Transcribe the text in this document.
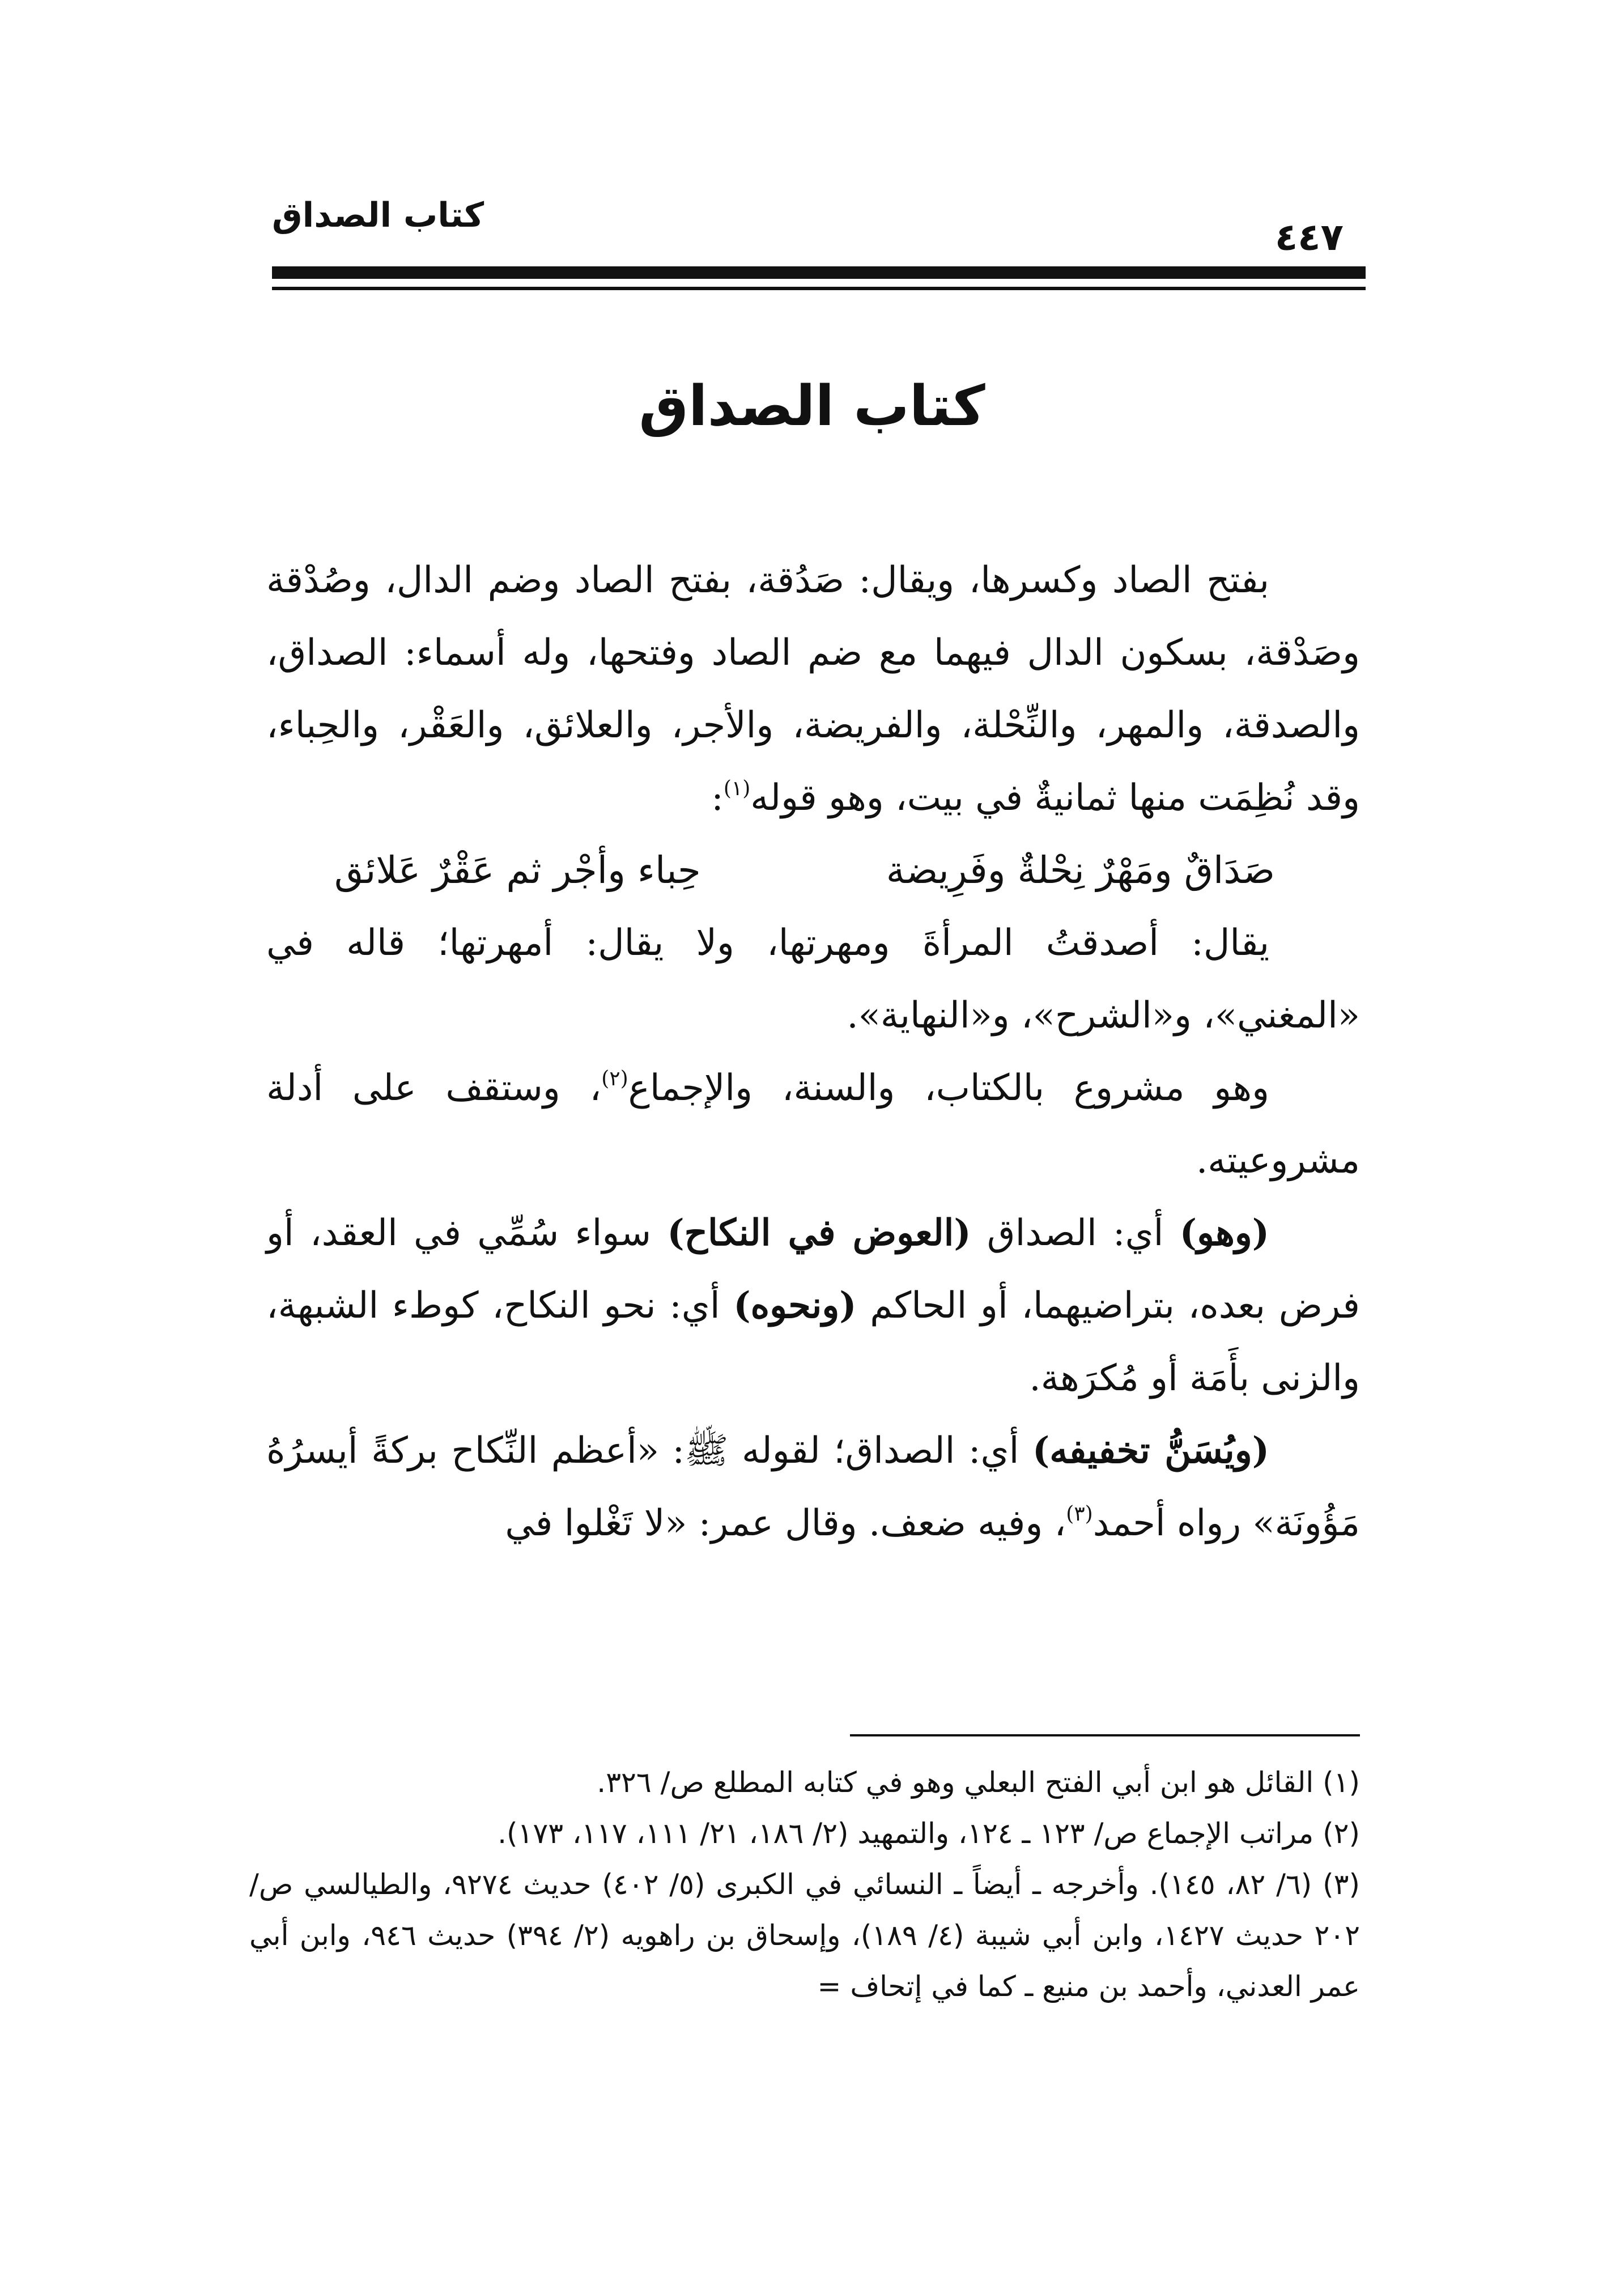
كتاب الصداق	٤٤٧
كتاب الصداق

بفتح الصاد وكسرها، ويقال: صَدُقة، بفتح الصاد وضم الدال، وصُدْقة وصَدْقة، بسكون الدال فيهما مع ضم الصاد وفتحها، وله أسماء: الصداق، والصدقة، والمهر، والنِّحْلة، والفريضة، والأجر، والعلائق، والعَقْر، والحِباء، وقد نُظِمَت منها ثمانيةٌ في بيت، وهو قوله$^{(١)}$:

صَدَاقٌ ومَهْرٌ نِحْلةٌ وفَرِيضة
حِباء وأجْر ثم عَقْرٌ عَلائق

يقال: أصدقتُ المرأةَ ومهرتها، ولا يقال: أمهرتها؛ قاله في «المغني»، و«الشرح»، و«النهاية».

وهو مشروع بالكتاب، والسنة، والإجماع$^{(٢)}$، وستقف على أدلة مشروعيته.

(وهو) أي: الصداق (العوض في النكاح) سواء سُمِّي في العقد، أو فرض بعده، بتراضيهما، أو الحاكم (ونحوه) أي: نحو النكاح، كوطء الشبهة، والزنى بأَمَة أو مُكرَهة.

(ويُسَنُّ تخفيفه) أي: الصداق؛ لقوله ﷺ: «أعظم النِّكاح بركةً أيسرُهُ مَؤُونَة» رواه أحمد$^{(٣)}$، وفيه ضعف. وقال عمر: «لا تَغْلوا في

(١) القائل هو ابن أبي الفتح البعلي وهو في كتابه المطلع ص/ ٣٢٦.

(٢) مراتب الإجماع ص/ ١٢٣ ـ ١٢٤، والتمهيد (٢/ ١٨٦، ٢١/ ١١١، ١١٧، ١٧٣).

(٣) (٦/ ٨٢، ١٤٥). وأخرجه ـ أيضاً ـ النسائي في الكبرى (٥/ ٤٠٢) حديث ٩٢٧٤، والطيالسي ص/ ٢٠٢ حديث ١٤٢٧، وابن أبي شيبة (٤/ ١٨٩)، وإسحاق بن راهويه (٢/ ٣٩٤) حديث ٩٤٦، وابن أبي عمر العدني، وأحمد بن منيع ـ كما في إتحاف =
